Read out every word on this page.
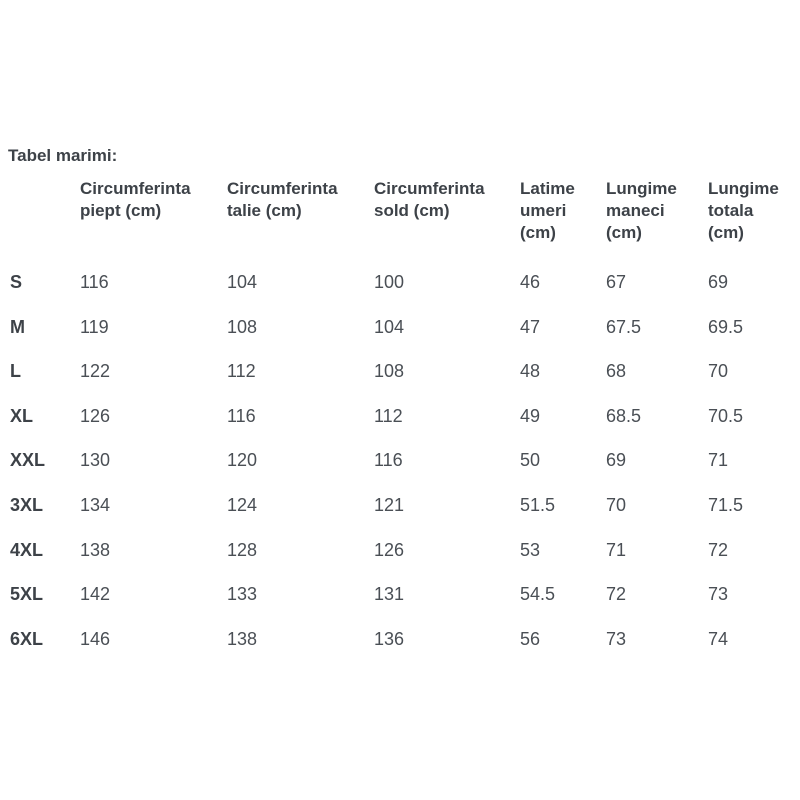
Tabel marimi:

	Circumferinta
piept (cm)	Circumferinta
talie (cm)	Circumferinta
sold (cm)	Latime
umeri
(cm)	Lungime
maneci
(cm)	Lungime
totala
(cm)

S	116	104	100	46	67	69
M	119	108	104	47	67.5	69.5
L	122	112	108	48	68	70
XL	126	116	112	49	68.5	70.5
XXL	130	120	116	50	69	71
3XL	134	124	121	51.5	70	71.5
4XL	138	128	126	53	71	72
5XL	142	133	131	54.5	72	73
6XL	146	138	136	56	73	74
